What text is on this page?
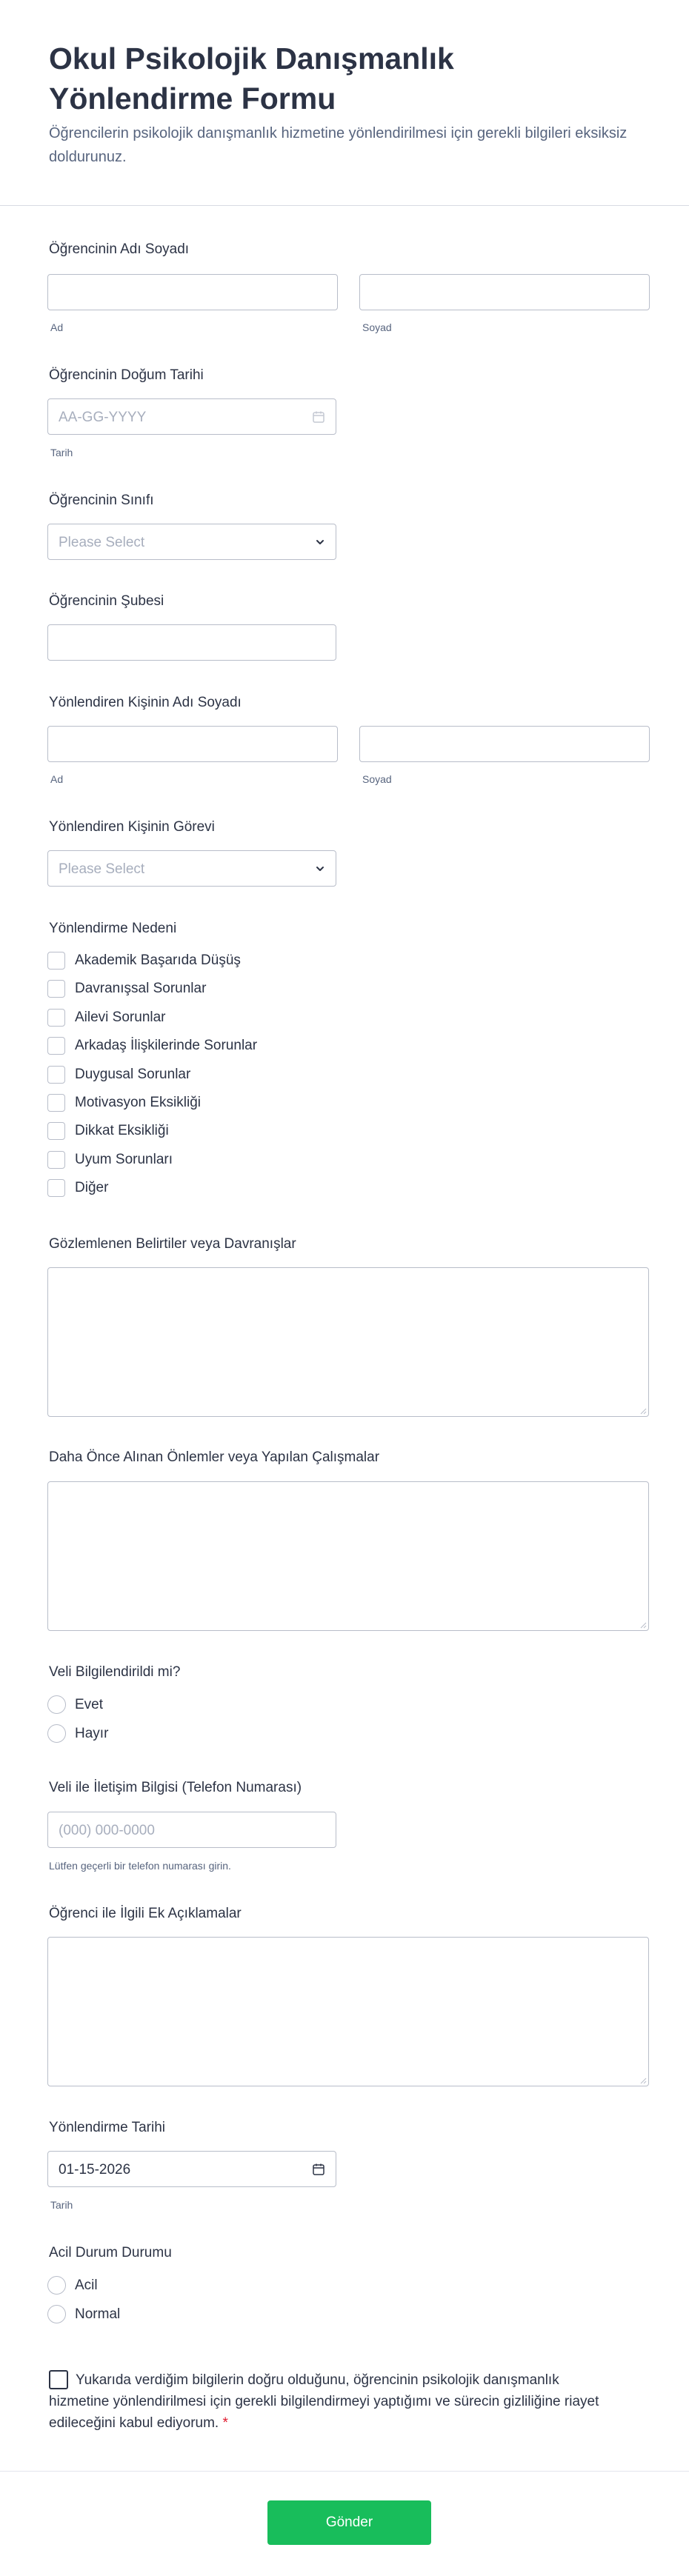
Okul Psikolojik Danışmanlık Yönlendirme Formu
Öğrencilerin psikolojik danışmanlık hizmetine yönlendirilmesi için gerekli bilgileri eksiksiz doldurunuz.
Öğrencinin Adı Soyadı
Ad	Soyad
Öğrencinin Doğum Tarihi
AA-GG-YYYY
Tarih
Öğrencinin Sınıfı
Please Select
Öğrencinin Şubesi
Yönlendiren Kişinin Adı Soyadı
Ad	Soyad
Yönlendiren Kişinin Görevi
Please Select
Yönlendirme Nedeni
Akademik Başarıda Düşüş
Davranışsal Sorunlar
Ailevi Sorunlar
Arkadaş İlişkilerinde Sorunlar
Duygusal Sorunlar
Motivasyon Eksikliği
Dikkat Eksikliği
Uyum Sorunları
Diğer
Gözlemlenen Belirtiler veya Davranışlar
Daha Önce Alınan Önlemler veya Yapılan Çalışmalar
Veli Bilgilendirildi mi?
Evet
Hayır
Veli ile İletişim Bilgisi (Telefon Numarası)
(000) 000-0000
Lütfen geçerli bir telefon numarası girin.
Öğrenci ile İlgili Ek Açıklamalar
Yönlendirme Tarihi
01-15-2026
Tarih
Acil Durum Durumu
Acil
Normal
Yukarıda verdiğim bilgilerin doğru olduğunu, öğrencinin psikolojik danışmanlık hizmetine yönlendirilmesi için gerekli bilgilendirmeyi yaptığımı ve sürecin gizliliğine riayet edileceğini kabul ediyorum. *
Gönder
